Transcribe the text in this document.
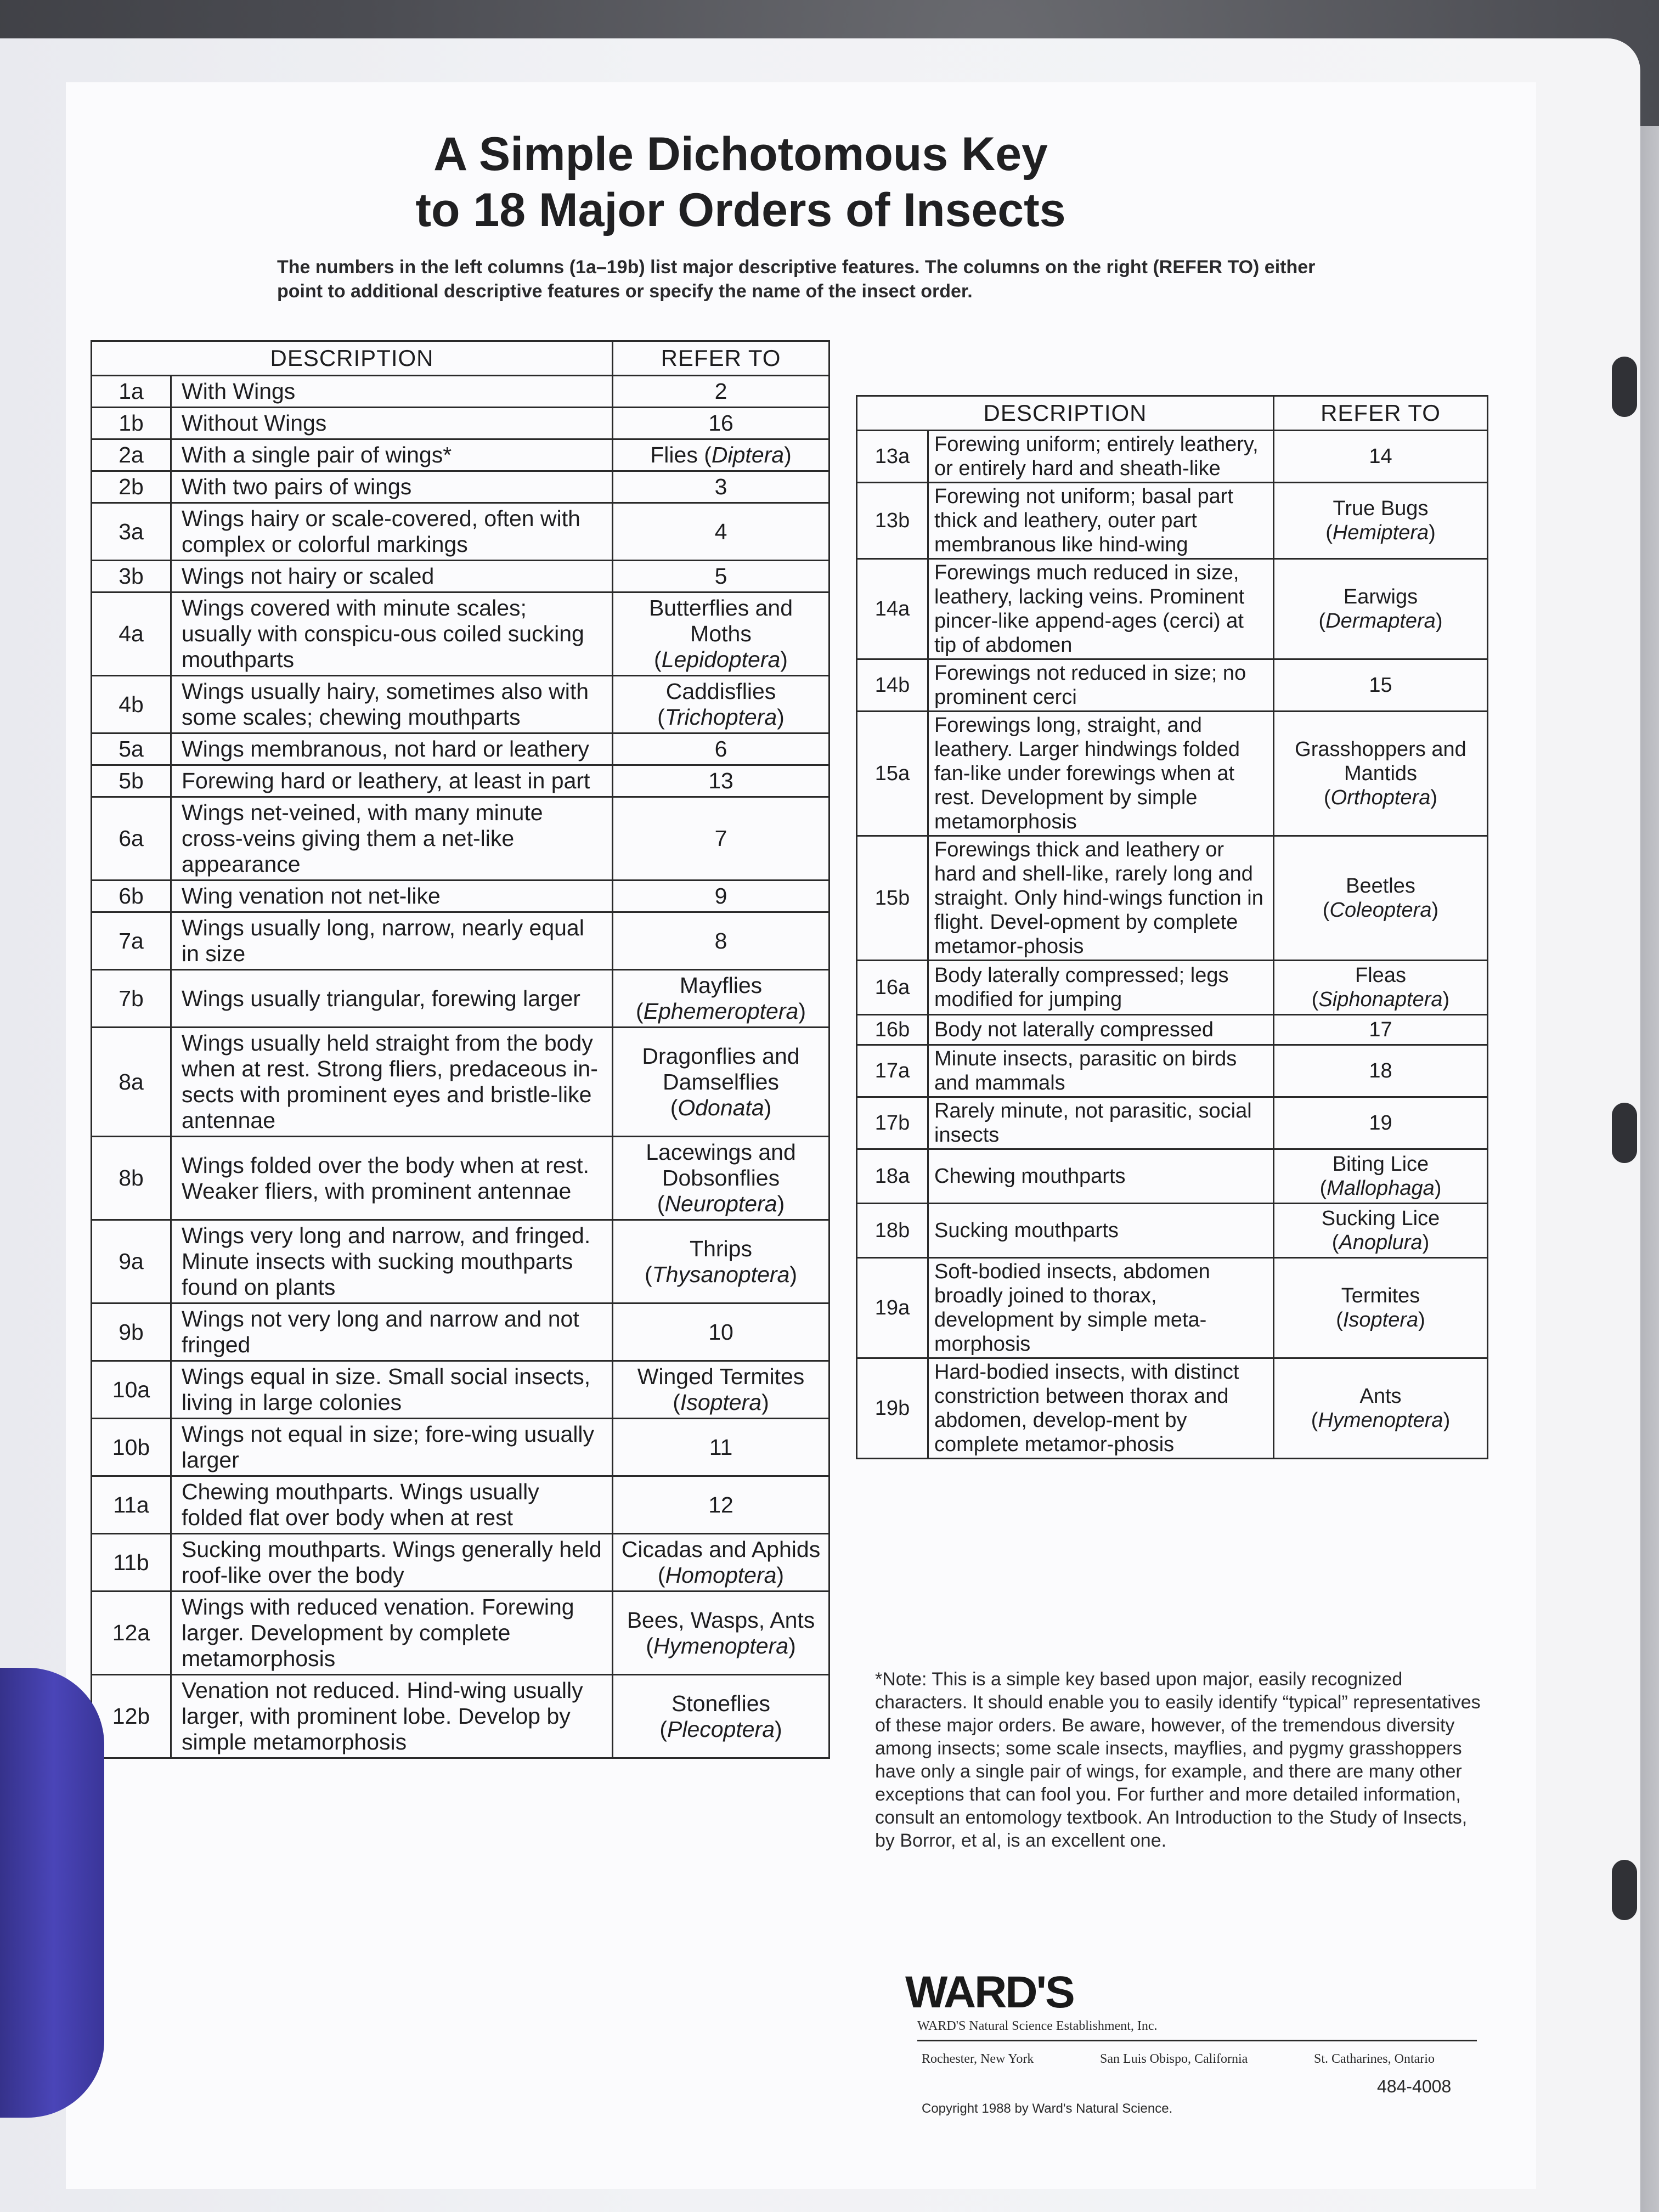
A Simple Dichotomous Key
to 18 Major Orders of Insects

The numbers in the left columns (1a–19b) list major descriptive features. The columns on the right (REFER TO) either point to additional descriptive features or specify the name of the insect order.

DESCRIPTION		REFER TO
1a	With Wings	2
1b	Without Wings	16
2a	With a single pair of wings*	Flies (Diptera)
2b	With two pairs of wings	3
3a	Wings hairy or scale-covered, often with complex or colorful markings	4
3b	Wings not hairy or scaled	5
4a	Wings covered with minute scales; usually with conspicu-ous coiled sucking mouthparts	Butterflies and Moths
(Lepidoptera)
4b	Wings usually hairy, sometimes also with some scales; chewing mouthparts	Caddisflies
(Trichoptera)
5a	Wings membranous, not hard or leathery	6
5b	Forewing hard or leathery, at least in part	13
6a	Wings net-veined, with many minute cross-veins giving them a net-like appearance	7
6b	Wing venation not net-like	9
7a	Wings usually long, narrow, nearly equal in size	8
7b	Wings usually triangular, forewing larger	Mayflies
(Ephemeroptera)
8a	Wings usually held straight from the body when at rest. Strong fliers, predaceous in-sects with prominent eyes and bristle-like antennae	Dragonflies and Damselflies
(Odonata)
8b	Wings folded over the body when at rest. Weaker fliers, with prominent antennae	Lacewings and Dobsonflies
(Neuroptera)
9a	Wings very long and narrow, and fringed. Minute insects with sucking mouthparts found on plants	Thrips
(Thysanoptera)
9b	Wings not very long and narrow and not fringed	10
10a	Wings equal in size. Small social insects, living in large colonies	Winged Termites
(Isoptera)
10b	Wings not equal in size; fore-wing usually larger	11
11a	Chewing mouthparts. Wings usually folded flat over body when at rest	12
11b	Sucking mouthparts. Wings generally held roof-like over the body	Cicadas and Aphids
(Homoptera)
12a	Wings with reduced venation. Forewing larger. Development by complete metamorphosis	Bees, Wasps, Ants
(Hymenoptera)
12b	Venation not reduced. Hind-wing usually larger, with prominent lobe. Develop by simple metamorphosis	Stoneflies
(Plecoptera)
DESCRIPTION		REFER TO
13a	Forewing uniform; entirely leathery, or entirely hard and sheath-like	14
13b	Forewing not uniform; basal part thick and leathery, outer part membranous like hind-wing	True Bugs
(Hemiptera)
14a	Forewings much reduced in size, leathery, lacking veins. Prominent pincer-like append-ages (cerci) at tip of abdomen	Earwigs
(Dermaptera)
14b	Forewings not reduced in size; no prominent cerci	15
15a	Forewings long, straight, and leathery. Larger hindwings folded fan-like under forewings when at rest. Development by simple metamorphosis	Grasshoppers and Mantids
(Orthoptera)
15b	Forewings thick and leathery or hard and shell-like, rarely long and straight. Only hind-wings function in flight. Devel-opment by complete metamor-phosis	Beetles
(Coleoptera)
16a	Body laterally compressed; legs modified for jumping	Fleas
(Siphonaptera)
16b	Body not laterally compressed	17
17a	Minute insects, parasitic on birds and mammals	18
17b	Rarely minute, not parasitic, social insects	19
18a	Chewing mouthparts	Biting Lice
(Mallophaga)
18b	Sucking mouthparts	Sucking Lice
(Anoplura)
19a	Soft-bodied insects, abdomen broadly joined to thorax, development by simple meta-morphosis	Termites
(Isoptera)
19b	Hard-bodied insects, with distinct constriction between thorax and abdomen, develop-ment by complete metamor-phosis	Ants
(Hymenoptera)

*Note: This is a simple key based upon major, easily recognized characters. It should enable you to easily identify “typical” representatives of these major orders. Be aware, however, of the tremendous diversity among insects; some scale insects, mayflies, and pygmy grasshoppers have only a single pair of wings, for example, and there are many other exceptions that can fool you. For further and more detailed information, consult an entomology textbook. An Introduction to the Study of Insects, by Borror, et al, is an excellent one.

WARD'S
WARD'S Natural Science Establishment, Inc.
Rochester, New York	San Luis Obispo, California	St. Catharines, Ontario
Copyright 1988 by Ward's Natural Science.
484-4008
